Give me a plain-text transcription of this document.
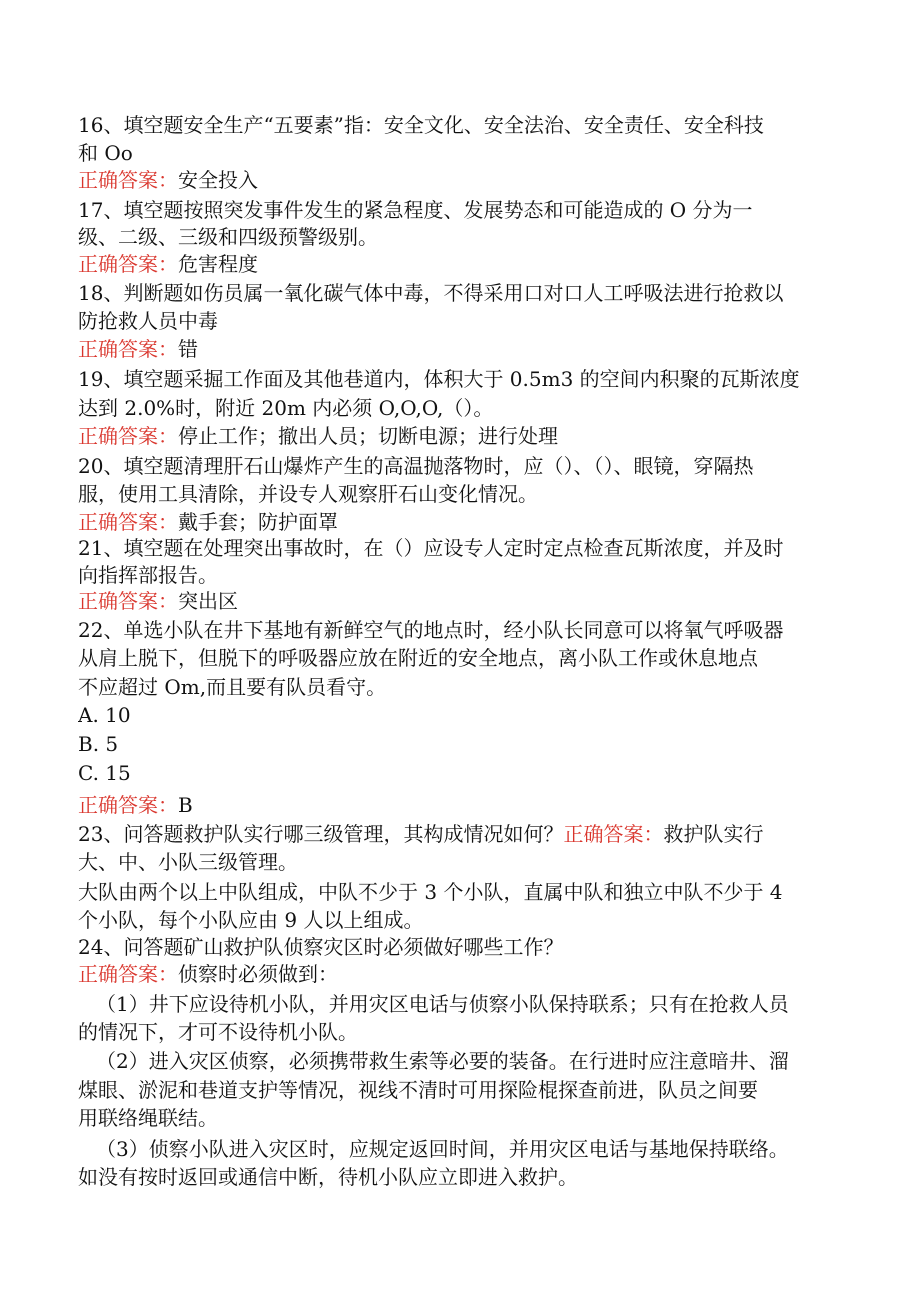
16、填空题安全生产“五要素”指：安全文化、安全法治、安全责任、安全科技
和 Oo
正确答案：安全投入
17、填空题按照突发事件发生的紧急程度、发展势态和可能造成的 O 分为一
级、二级、三级和四级预警级别。
正确答案：危害程度
18、判断题如伤员属一氧化碳气体中毒，不得采用口对口人工呼吸法进行抢救以
防抢救人员中毒
正确答案：错
19、填空题采掘工作面及其他巷道内，体积大于 0.5m3 的空间内积聚的瓦斯浓度
达到 2.0%时，附近 20m 内必须 O,O,O,（）。
正确答案：停止工作；撤出人员；切断电源；进行处理
20、填空题清理肝石山爆炸产生的高温抛落物时，应（）、（）、眼镜，穿隔热
服，使用工具清除，并设专人观察肝石山变化情况。
正确答案：戴手套；防护面罩
21、填空题在处理突出事故时，在（）应设专人定时定点检查瓦斯浓度，并及时
向指挥部报告。
正确答案：突出区
22、单选小队在井下基地有新鲜空气的地点时，经小队长同意可以将氧气呼吸器
从肩上脱下，但脱下的呼吸器应放在附近的安全地点，离小队工作或休息地点
不应超过 Om,而且要有队员看守。
A. 10
B. 5
C. 15
正确答案：B
23、问答题救护队实行哪三级管理，其构成情况如何？正确答案：救护队实行
大、中、小队三级管理。
大队由两个以上中队组成，中队不少于 3 个小队，直属中队和独立中队不少于 4
个小队，每个小队应由 9 人以上组成。
24、问答题矿山救护队侦察灾区时必须做好哪些工作？
正确答案：侦察时必须做到：
（1）井下应设待机小队，并用灾区电话与侦察小队保持联系；只有在抢救人员
的情况下，才可不设待机小队。
（2）进入灾区侦察，必须携带救生索等必要的装备。在行进时应注意暗井、溜
煤眼、淤泥和巷道支护等情况，视线不清时可用探险棍探查前进，队员之间要
用联络绳联结。
（3）侦察小队进入灾区时，应规定返回时间，并用灾区电话与基地保持联络。
如没有按时返回或通信中断，待机小队应立即进入救护。
